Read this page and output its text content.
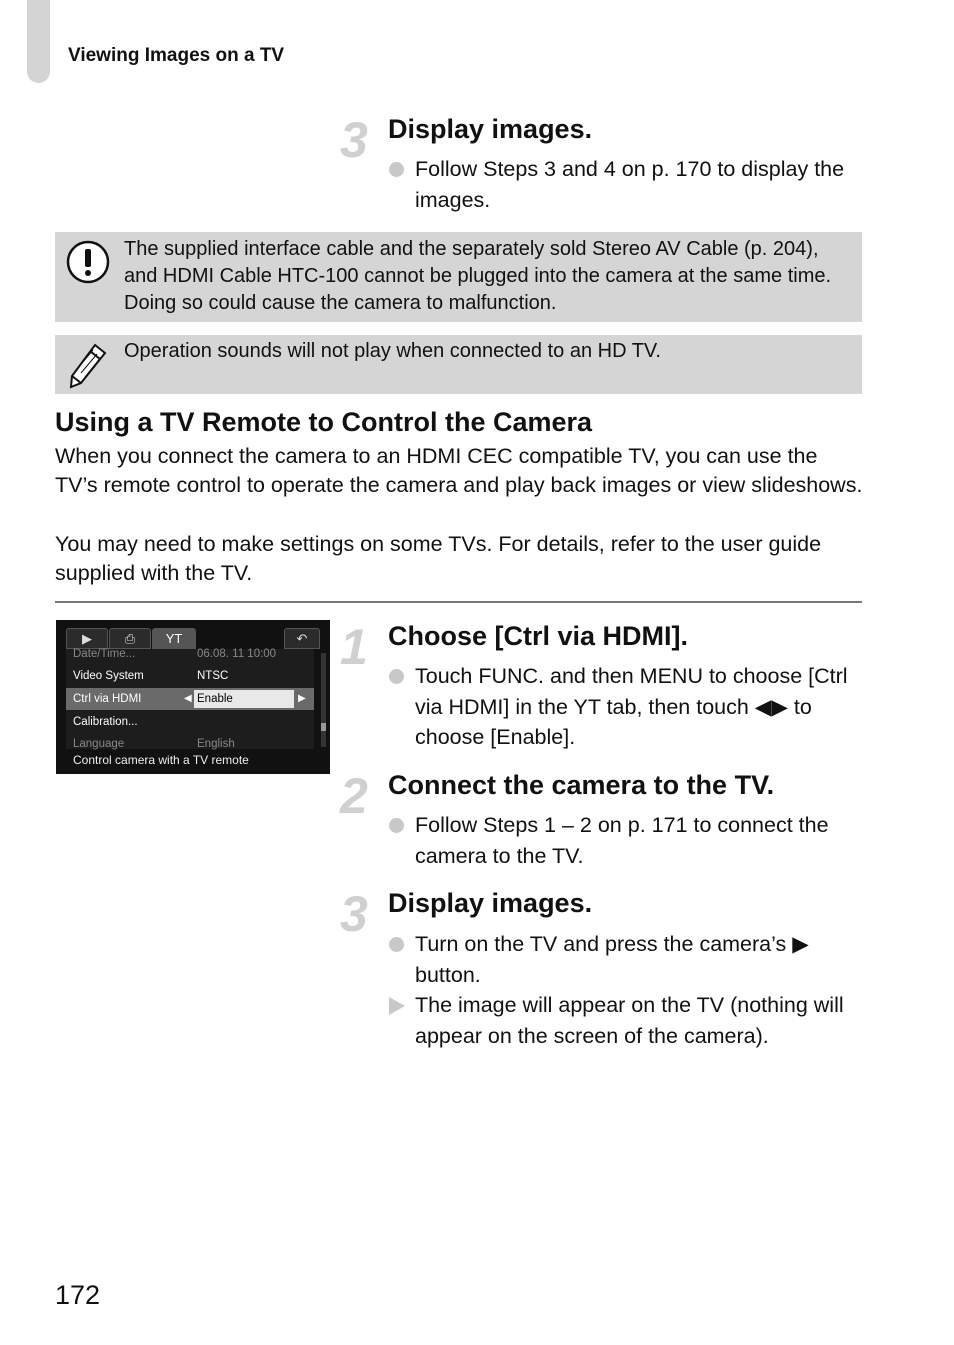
Viewing Images on a TV
3 Display images.
Follow Steps 3 and 4 on p. 170 to display the images.
The supplied interface cable and the separately sold Stereo AV Cable (p. 204), and HDMI Cable HTC-100 cannot be plugged into the camera at the same time. Doing so could cause the camera to malfunction.
Operation sounds will not play when connected to an HD TV.
Using a TV Remote to Control the Camera
When you connect the camera to an HDMI CEC compatible TV, you can use the TV’s remote control to operate the camera and play back images or view slideshows.
You may need to make settings on some TVs. For details, refer to the user guide supplied with the TV.
▶	⎙	YT	↶
Date/Time...	06.08. 11 10:00
Video System	NTSC
Ctrl via HDMI	◀ Enable	▶
Calibration...
Language	English
Control camera with a TV remote
1 Choose [Ctrl via HDMI].
Touch FUNC. and then MENU to choose [Ctrl via HDMI] in the YT tab, then touch ◀▶ to choose [Enable].
2 Connect the camera to the TV.
Follow Steps 1 – 2 on p. 171 to connect the camera to the TV.
3 Display images.
Turn on the TV and press the camera’s ▶ button.
The image will appear on the TV (nothing will appear on the screen of the camera).
172
